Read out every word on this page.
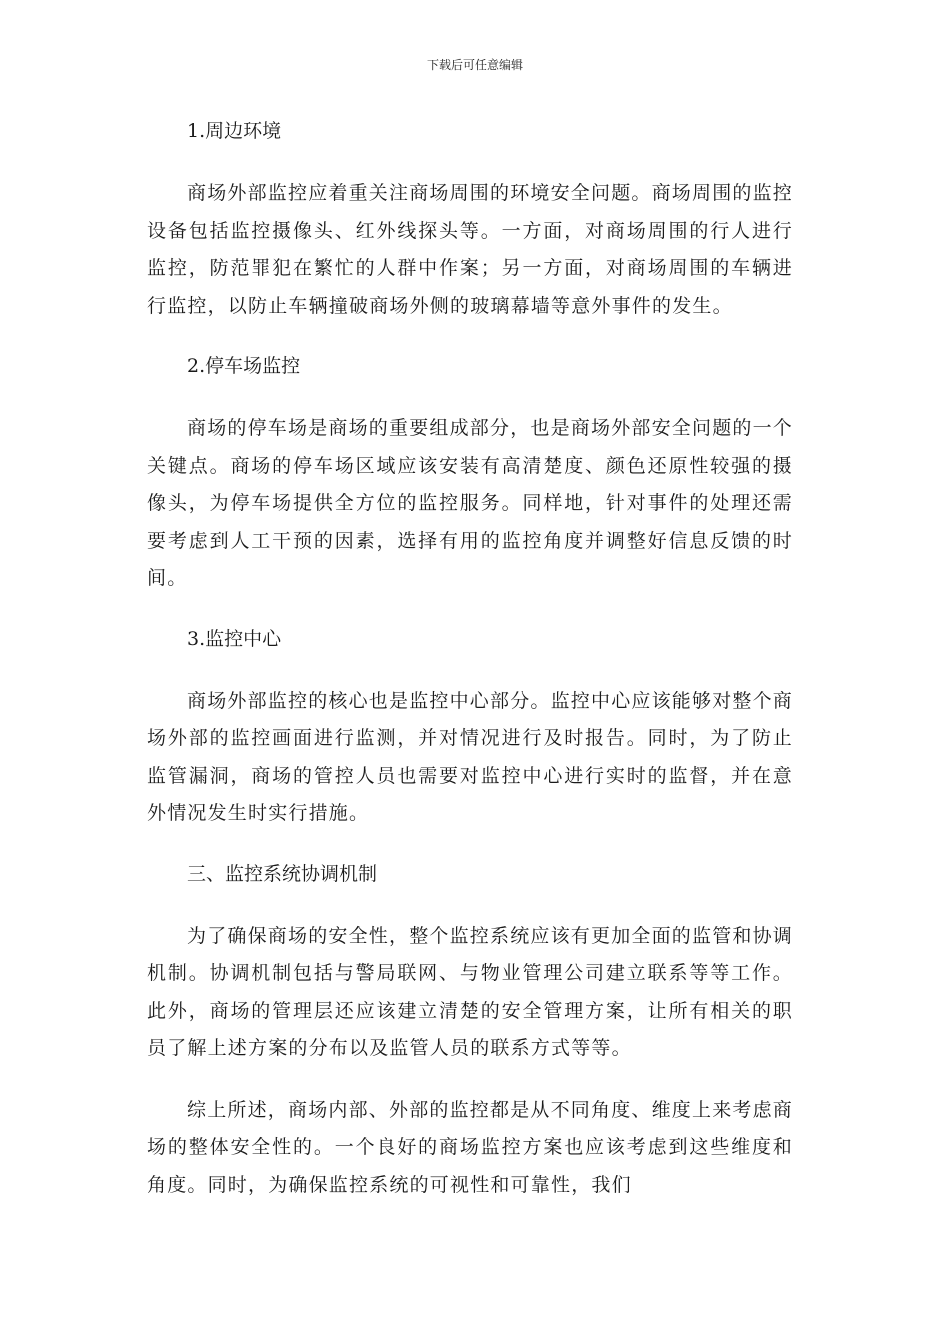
下载后可任意编辑

1.周边环境

商场外部监控应着重关注商场周围的环境安全问题。商场周围的监控设备包括监控摄像头、红外线探头等。一方面，对商场周围的行人进行监控，防范罪犯在繁忙的人群中作案；另一方面，对商场周围的车辆进行监控，以防止车辆撞破商场外侧的玻璃幕墙等意外事件的发生。

2.停车场监控

商场的停车场是商场的重要组成部分，也是商场外部安全问题的一个关键点。商场的停车场区域应该安装有高清楚度、颜色还原性较强的摄像头，为停车场提供全方位的监控服务。同样地，针对事件的处理还需要考虑到人工干预的因素，选择有用的监控角度并调整好信息反馈的时间。

3.监控中心

商场外部监控的核心也是监控中心部分。监控中心应该能够对整个商场外部的监控画面进行监测，并对情况进行及时报告。同时，为了防止监管漏洞，商场的管控人员也需要对监控中心进行实时的监督，并在意外情况发生时实行措施。

三、监控系统协调机制

为了确保商场的安全性，整个监控系统应该有更加全面的监管和协调机制。协调机制包括与警局联网、与物业管理公司建立联系等等工作。此外，商场的管理层还应该建立清楚的安全管理方案，让所有相关的职员了解上述方案的分布以及监管人员的联系方式等等。

综上所述，商场内部、外部的监控都是从不同角度、维度上来考虑商场的整体安全性的。一个良好的商场监控方案也应该考虑到这些维度和角度。同时，为确保监控系统的可视性和可靠性，我们
